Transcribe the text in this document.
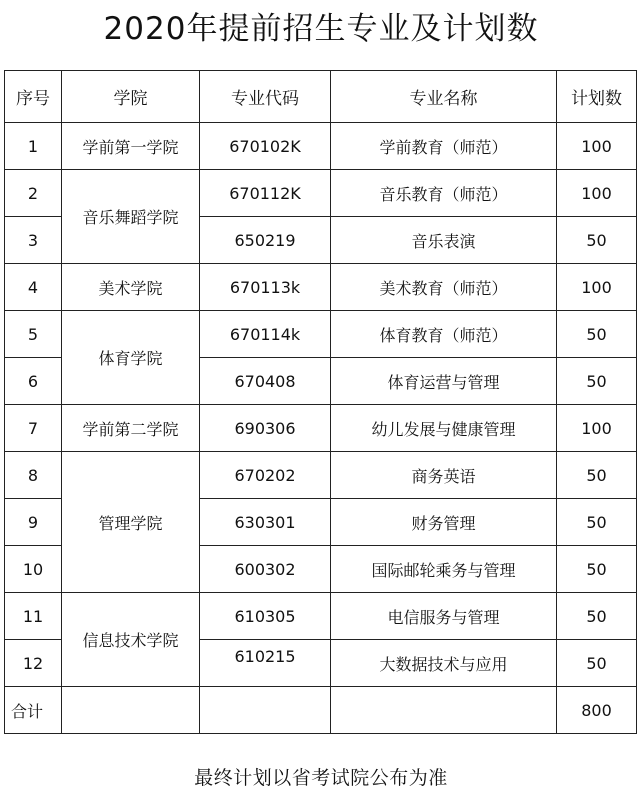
2020年提前招生专业及计划数
序号	学院	专业代码	专业名称	计划数
1	学前第一学院	670102K	学前教育（师范）	100
2	音乐舞蹈学院	670112K	音乐教育（师范）	100
3		650219	音乐表演	50
4	美术学院	670113k	美术教育（师范）	100
5	体育学院	670114k	体育教育（师范）	50
6		670408	体育运营与管理	50
7	学前第二学院	690306	幼儿发展与健康管理	100
8	管理学院	670202	商务英语	50
9		630301	财务管理	50
10		600302	国际邮轮乘务与管理	50
11	信息技术学院	610305	电信服务与管理	50
12		610215	大数据技术与应用	50
合计				800
最终计划以省考试院公布为准
